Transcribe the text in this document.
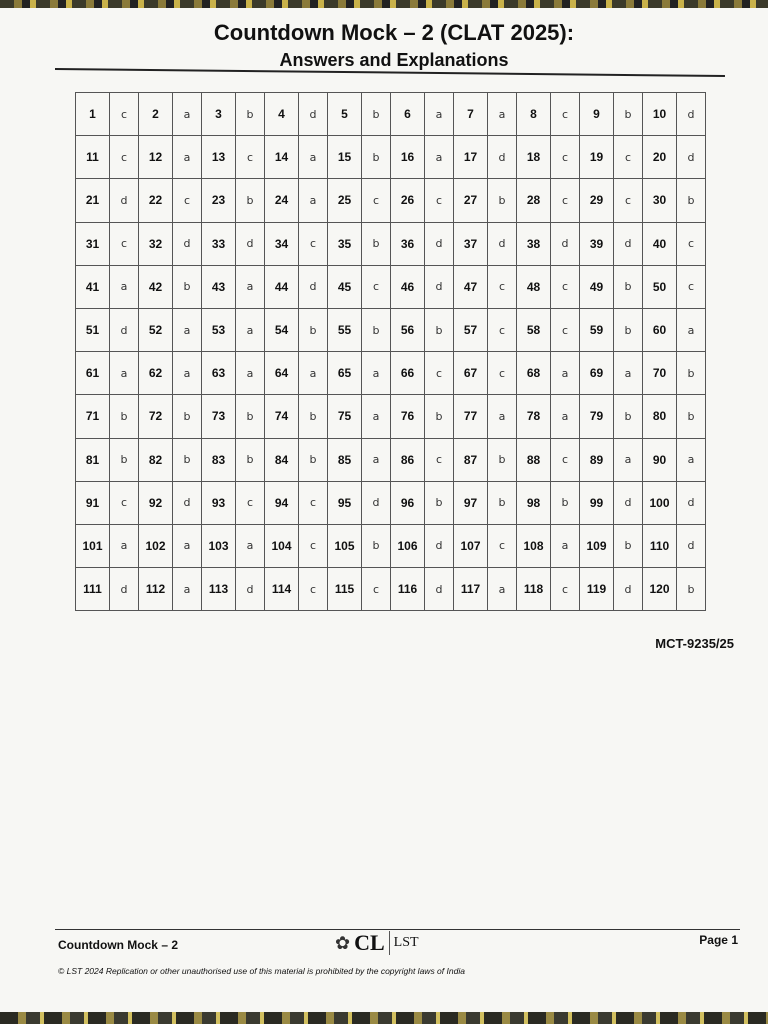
Countdown Mock – 2 (CLAT 2025):
Answers and Explanations
1	c	2	a	3	b	4	d	5	b	6	a	7	a	8	c	9	b	10	d
11	c	12	a	13	c	14	a	15	b	16	a	17	d	18	c	19	c	20	d
21	d	22	c	23	b	24	a	25	c	26	c	27	b	28	c	29	c	30	b
31	c	32	d	33	d	34	c	35	b	36	d	37	d	38	d	39	d	40	c
41	a	42	b	43	a	44	d	45	c	46	d	47	c	48	c	49	b	50	c
51	d	52	a	53	a	54	b	55	b	56	b	57	c	58	c	59	b	60	a
61	a	62	a	63	a	64	a	65	a	66	c	67	c	68	a	69	a	70	b
71	b	72	b	73	b	74	b	75	a	76	b	77	a	78	a	79	b	80	b
81	b	82	b	83	b	84	b	85	a	86	c	87	b	88	c	89	a	90	a
91	c	92	d	93	c	94	c	95	d	96	b	97	b	98	b	99	d	100	d
101	a	102	a	103	a	104	c	105	b	106	d	107	c	108	a	109	b	110	d
111	d	112	a	113	d	114	c	115	c	116	d	117	a	118	c	119	d	120	b
MCT-9235/25
Countdown Mock – 2	✿ CL LST	Page 1
© LST 2024 Replication or other unauthorised use of this material is prohibited by the copyright laws of India
